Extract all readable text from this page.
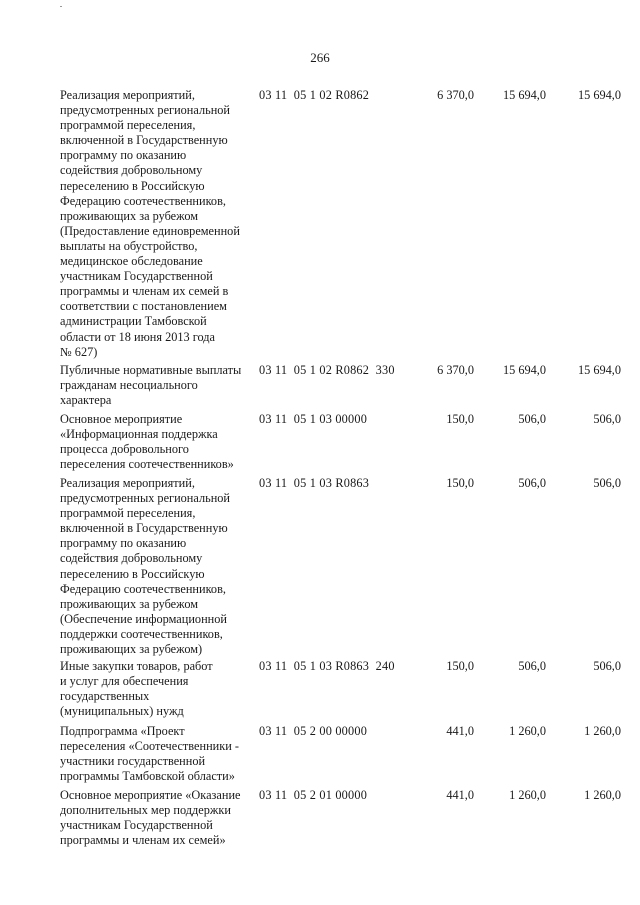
266
Реализация мероприятий,
предусмотренных региональной
программой переселения,
включенной в Государственную
программу по оказанию
содействия добровольному
переселению в Российскую
Федерацию соотечественников,
проживающих за рубежом
(Предоставление единовременной
выплаты на обустройство,
медицинское обследование
участникам Государственной
программы и членам их семей в
соответствии с постановлением
администрации Тамбовской
области от 18 июня 2013 года
№ 627)
03 11  05 1 02 R0862	6 370,0	15 694,0	15 694,0
Публичные нормативные выплаты
гражданам несоциального
характера
03 11  05 1 02 R0862  330	6 370,0	15 694,0	15 694,0
Основное мероприятие
«Информационная поддержка
процесса добровольного
переселения соотечественников»
03 11  05 1 03 00000	150,0	506,0	506,0
Реализация мероприятий,
предусмотренных региональной
программой переселения,
включенной в Государственную
программу по оказанию
содействия добровольному
переселению в Российскую
Федерацию соотечественников,
проживающих за рубежом
(Обеспечение информационной
поддержки соотечественников,
проживающих за рубежом)
03 11  05 1 03 R0863	150,0	506,0	506,0
Иные закупки товаров, работ
и услуг для обеспечения
государственных
(муниципальных) нужд
03 11  05 1 03 R0863  240	150,0	506,0	506,0
Подпрограмма «Проект
переселения «Соотечественники -
участники государственной
программы Тамбовской области»
03 11  05 2 00 00000	441,0	1 260,0	1 260,0
Основное мероприятие «Оказание
дополнительных мер поддержки
участникам Государственной
программы и членам их семей»
03 11  05 2 01 00000	441,0	1 260,0	1 260,0
